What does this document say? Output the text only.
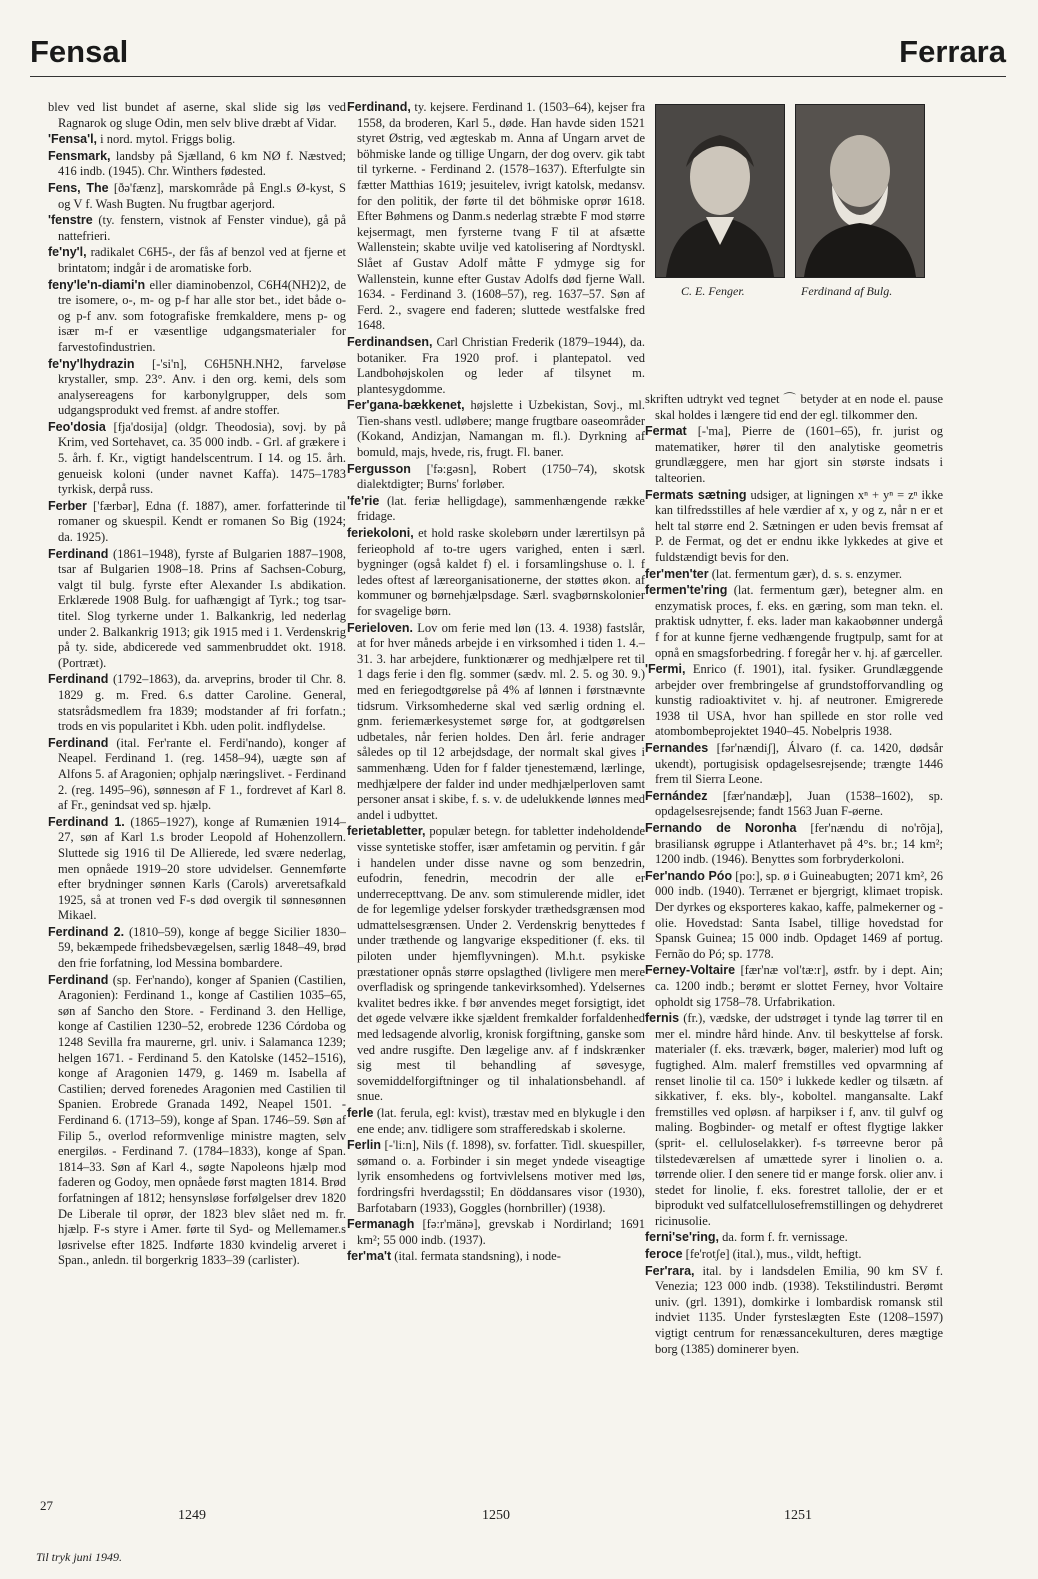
Fensal	Ferrara
C. E. Fenger.	Ferdinand af Bulg.
blev ved list bundet af aserne, skal slide sig løs ved Ragnarok og sluge Odin, men selv blive dræbt af Vidar.
'Fensa'l, i nord. mytol. Friggs bolig.
Fensmark, landsby på Sjælland, 6 km NØ f. Næstved; 416 indb. (1945). Chr. Winthers fødested.
Fens, The [ðə'fænz], marskområde på Engl.s Ø-kyst, S og V f. Wash Bugten. Nu frugtbar agerjord.
'fenstre (ty. fenstern, vistnok af Fenster vindue), gå på nattefrieri.
fe'ny'l, radikalet C6H5-, der fås af benzol ved at fjerne et brintatom; indgår i de aromatiske forb.
feny'le'n-diami'n eller diaminobenzol, C6H4(NH2)2, de tre isomere, o-, m- og p-f har alle stor bet., idet både o- og p-f anv. som fotografiske fremkaldere, mens p- og især m-f er væsentlige udgangsmaterialer for farvestofindustrien.
fe'ny'lhydrazin [-'si'n], C6H5NH.NH2, farveløse krystaller, smp. 23°. Anv. i den org. kemi, dels som analysereagens for karbonylgrupper, dels som udgangsprodukt ved fremst. af andre stoffer.
Feo'dosia [fja'dosija] (oldgr. Theodosia), sovj. by på Krim, ved Sortehavet, ca. 35 000 indb. - Grl. af grækere i 5. årh. f. Kr., vigtigt handelscentrum. I 14. og 15. årh. genueisk koloni (under navnet Kaffa). 1475–1783 tyrkisk, derpå russ.
Ferber ['færbər], Edna (f. 1887), amer. forfatterinde til romaner og skuespil. Kendt er romanen So Big (1924; da. 1925).
Ferdinand (1861–1948), fyrste af Bulgarien 1887–1908, tsar af Bulgarien 1908–18. Prins af Sachsen-Coburg, valgt til bulg. fyrste efter Alexander I.s abdikation. Erklærede 1908 Bulg. for uafhængigt af Tyrk.; tog tsar-titel. Slog tyrkerne under 1. Balkankrig, led nederlag under 2. Balkankrig 1913; gik 1915 med i 1. Verdenskrig på ty. side, abdicerede ved sammenbruddet okt. 1918. (Portræt).
Ferdinand (1792–1863), da. arveprins, broder til Chr. 8. 1829 g. m. Fred. 6.s datter Caroline. General, statsrådsmedlem fra 1839; modstander af fri forfatn.; trods en vis popularitet i Kbh. uden polit. indflydelse.
Ferdinand (ital. Fer'rante el. Ferdi'nando), konger af Neapel. Ferdinand 1. (reg. 1458–94), uægte søn af Alfons 5. af Aragonien; ophjalp næringslivet. - Ferdinand 2. (reg. 1495–96), sønnesøn af F 1., fordrevet af Karl 8. af Fr., genindsat ved sp. hjælp.
Ferdinand 1. (1865–1927), konge af Rumænien 1914–27, søn af Karl 1.s broder Leopold af Hohenzollern. Sluttede sig 1916 til De Allierede, led svære nederlag, men opnåede 1919–20 store udvidelser. Gennemførte efter brydninger sønnen Karls (Carols) arveretsafkald 1925, så at tronen ved F-s død overgik til sønnesønnen Mikael.
Ferdinand 2. (1810–59), konge af begge Sicilier 1830–59, bekæmpede frihedsbevægelsen, særlig 1848–49, brød den frie forfatning, lod Messina bombardere.
Ferdinand (sp. Fer'nando), konger af Spanien (Castilien, Aragonien): Ferdinand 1., konge af Castilien 1035–65, søn af Sancho den Store. - Ferdinand 3. den Hellige, konge af Castilien 1230–52, erobrede 1236 Córdoba og 1248 Sevilla fra maurerne, grl. univ. i Salamanca 1239; helgen 1671. - Ferdinand 5. den Katolske (1452–1516), konge af Aragonien 1479, g. 1469 m. Isabella af Castilien; derved forenedes Aragonien med Castilien til Spanien. Erobrede Granada 1492, Neapel 1501. - Ferdinand 6. (1713–59), konge af Span. 1746–59. Søn af Filip 5., overlod reformvenlige ministre magten, selv energiløs. - Ferdinand 7. (1784–1833), konge af Span. 1814–33. Søn af Karl 4., søgte Napoleons hjælp mod faderen og Godoy, men opnåede først magten 1814. Brød forfatningen af 1812; hensynsløse forfølgelser drev 1820 De Liberale til oprør, der 1823 blev slået ned m. fr. hjælp. F-s styre i Amer. førte til Syd- og Mellemamer.s løsrivelse efter 1825. Indførte 1830 kvindelig arveret i Span., anledn. til borgerkrig 1833–39 (carlister).
Ferdinand, ty. kejsere. Ferdinand 1. (1503–64), kejser fra 1558, da broderen, Karl 5., døde. Han havde siden 1521 styret Østrig, ved ægteskab m. Anna af Ungarn arvet de böhmiske lande og tillige Ungarn, der dog overv. gik tabt til tyrkerne. - Ferdinand 2. (1578–1637). Efterfulgte sin fætter Matthias 1619; jesuitelev, ivrigt katolsk, medansv. for den politik, der førte til det böhmiske oprør 1618. Efter Bøhmens og Danm.s nederlag stræbte F mod større kejsermagt, men fyrsterne tvang F til at afsætte Wallenstein; skabte uvilje ved katolisering af Nordtyskl. Slået af Gustav Adolf måtte F ydmyge sig for Wallenstein, kunne efter Gustav Adolfs død fjerne Wall. 1634. - Ferdinand 3. (1608–57), reg. 1637–57. Søn af Ferd. 2., svagere end faderen; sluttede westfalske fred 1648.
Ferdinandsen, Carl Christian Frederik (1879–1944), da. botaniker. Fra 1920 prof. i plantepatol. ved Landbohøjskolen og leder af tilsynet m. plantesygdomme.
Fer'gana-bækkenet, højslette i Uzbekistan, Sovj., ml. Tien-shans vestl. udløbere; mange frugtbare oaseområder (Kokand, Andizjan, Namangan m. fl.). Dyrkning af bomuld, majs, hvede, ris, frugt. Fl. baner.
Fergusson ['fə:gəsn], Robert (1750–74), skotsk dialektdigter; Burns' forløber.
'fe'rie (lat. feriæ helligdage), sammenhængende række fridage.
feriekoloni, et hold raske skolebørn under lærertilsyn på ferieophold af to-tre ugers varighed, enten i særl. bygninger (også kaldet f) el. i forsamlingshuse o. l. f ledes oftest af læreorganisationerne, der støttes økon. af kommuner og børnehjælpsdage. Særl. svagbørnskolonier for svagelige børn.
Ferieloven. Lov om ferie med løn (13. 4. 1938) fastslår, at for hver måneds arbejde i en virksomhed i tiden 1. 4.–31. 3. har arbejdere, funktionærer og medhjælpere ret til 1 dags ferie i den flg. sommer (sædv. ml. 2. 5. og 30. 9.) med en feriegodtgørelse på 4% af lønnen i førstnævnte tidsrum. Virksomhederne skal ved særlig ordning el. gnm. feriemærkesystemet sørge for, at godtgørelsen udbetales, når ferien holdes. Den årl. ferie andrager således op til 12 arbejdsdage, der normalt skal gives i sammenhæng. Uden for f falder tjenestemænd, lærlinge, medhjælpere der falder ind under medhjælperloven samt personer ansat i skibe, f. s. v. de udelukkende lønnes med andel i udbyttet.
ferietabletter, populær betegn. for tabletter indeholdende visse syntetiske stoffer, især amfetamin og pervitin. f går i handelen under disse navne og som benzedrin, eufodrin, fenedrin, mecodrin der alle er underrecepttvang. De anv. som stimulerende midler, idet de for legemlige ydelser forskyder træthedsgrænsen mod udmattelsesgrænsen. Under 2. Verdenskrig benyttedes f under træthende og langvarige ekspeditioner (f. eks. til piloten under hjemflyvningen). M.h.t. psykiske præstationer opnås større opslagthed (livligere men mere overfladisk og springende tankevirksomhed). Ydelsernes kvalitet bedres ikke. f bør anvendes meget forsigtigt, idet det øgede velvære ikke sjældent fremkalder forfaldenhed med ledsagende alvorlig, kronisk forgiftning, ganske som ved andre rusgifte. Den lægelige anv. af f indskrænker sig mest til behandling af søvesyge, sovemiddelforgiftninger og til inhalationsbehandl. af snue.
ferle (lat. ferula, egl: kvist), træstav med en blykugle i den ene ende; anv. tidligere som strafferedskab i skolerne.
Ferlin [-'li:n], Nils (f. 1898), sv. forfatter. Tidl. skuespiller, sømand o. a. Forbinder i sin meget yndede viseagtige lyrik ensomhedens og fortvivlelsens motiver med løs, fordringsfri hverdagsstil; En döddansares visor (1930), Barfotabarn (1933), Goggles (hornbriller) (1938).
Fermanagh [fə:r'mänə], grevskab i Nordirland; 1691 km²; 55 000 indb. (1937).
fer'ma't (ital. fermata standsning), i node-
skriften udtrykt ved tegnet ⌒ betyder at en node el. pause skal holdes i længere tid end der egl. tilkommer den.
Fermat [-'ma], Pierre de (1601–65), fr. jurist og matematiker, hører til den analytiske geometris grundlæggere, men har gjort sin største indsats i talteorien.
Fermats sætning udsiger, at ligningen xⁿ + yⁿ = zⁿ ikke kan tilfredsstilles af hele værdier af x, y og z, når n er et helt tal større end 2. Sætningen er uden bevis fremsat af P. de Fermat, og det er endnu ikke lykkedes at give et fuldstændigt bevis for den.
fer'men'ter (lat. fermentum gær), d. s. s. enzymer.
fermen'te'ring (lat. fermentum gær), betegner alm. en enzymatisk proces, f. eks. en gæring, som man tekn. el. praktisk udnytter, f. eks. lader man kakaobønner undergå f for at kunne fjerne vedhængende frugtpulp, samt for at opnå en smagsforbedring. f foregår her v. hj. af gærceller.
'Fermi, Enrico (f. 1901), ital. fysiker. Grundlæggende arbejder over frembringelse af grundstofforvandling og kunstig radioaktivitet v. hj. af neutroner. Emigrerede 1938 til USA, hvor han spillede en stor rolle ved atombombeprojektet 1940–45. Nobelpris 1938.
Fernandes [fər'nændiʃ], Álvaro (f. ca. 1420, dødsår ukendt), portugisisk opdagelsesrejsende; trængte 1446 frem til Sierra Leone.
Fernández [fær'nandæþ], Juan (1538–1602), sp. opdagelsesrejsende; fandt 1563 Juan F-øerne.
Fernando de Noronha [fer'nændu di no'rõja], brasiliansk øgruppe i Atlanterhavet på 4°s. br.; 14 km²; 1200 indb. (1946). Benyttes som forbryderkoloni.
Fer'nando Póo [po:], sp. ø i Guineabugten; 2071 km², 26 000 indb. (1940). Terrænet er bjergrigt, klimaet tropisk. Der dyrkes og eksporteres kakao, kaffe, palmekerner og -olie. Hovedstad: Santa Isabel, tillige hovedstad for Spansk Guinea; 15 000 indb. Opdaget 1469 af portug. Fernão do Pó; sp. 1778.
Ferney-Voltaire [fær'næ vol'tæ:r], østfr. by i dept. Ain; ca. 1200 indb.; berømt er slottet Ferney, hvor Voltaire opholdt sig 1758–78. Urfabrikation.
fernis (fr.), vædske, der udstrøget i tynde lag tørrer til en mer el. mindre hård hinde. Anv. til beskyttelse af forsk. materialer (f. eks. træværk, bøger, malerier) mod luft og fugtighed. Alm. malerf fremstilles ved opvarmning af renset linolie til ca. 150° i lukkede kedler og tilsætn. af sikkativer, f. eks. bly-, koboltel. mangansalte. Lakf fremstilles ved opløsn. af harpikser i f, anv. til gulvf og maling. Bogbinder- og metalf er oftest flygtige lakker (sprit- el. celluloselakker). f-s tørreevne beror på tilstedeværelsen af umættede syrer i linolien o. a. tørrende olier. I den senere tid er mange forsk. olier anv. i stedet for linolie, f. eks. forestret tallolie, der er et biprodukt ved sulfatcellulosefremstillingen og dehydreret ricinusolie.
ferni'se'ring, da. form f. fr. vernissage.
feroce [fe'rotʃe] (ital.), mus., vildt, heftigt.
Fer'rara, ital. by i landsdelen Emilia, 90 km SV f. Venezia; 123 000 indb. (1938). Tekstilindustri. Berømt univ. (grl. 1391), domkirke i lombardisk romansk stil indviet 1135. Under fyrsteslægten Este (1208–1597) vigtigt centrum for renæssancekulturen, deres mægtige borg (1385) dominerer byen.
27
1249	1250	1251
Til tryk juni 1949.
